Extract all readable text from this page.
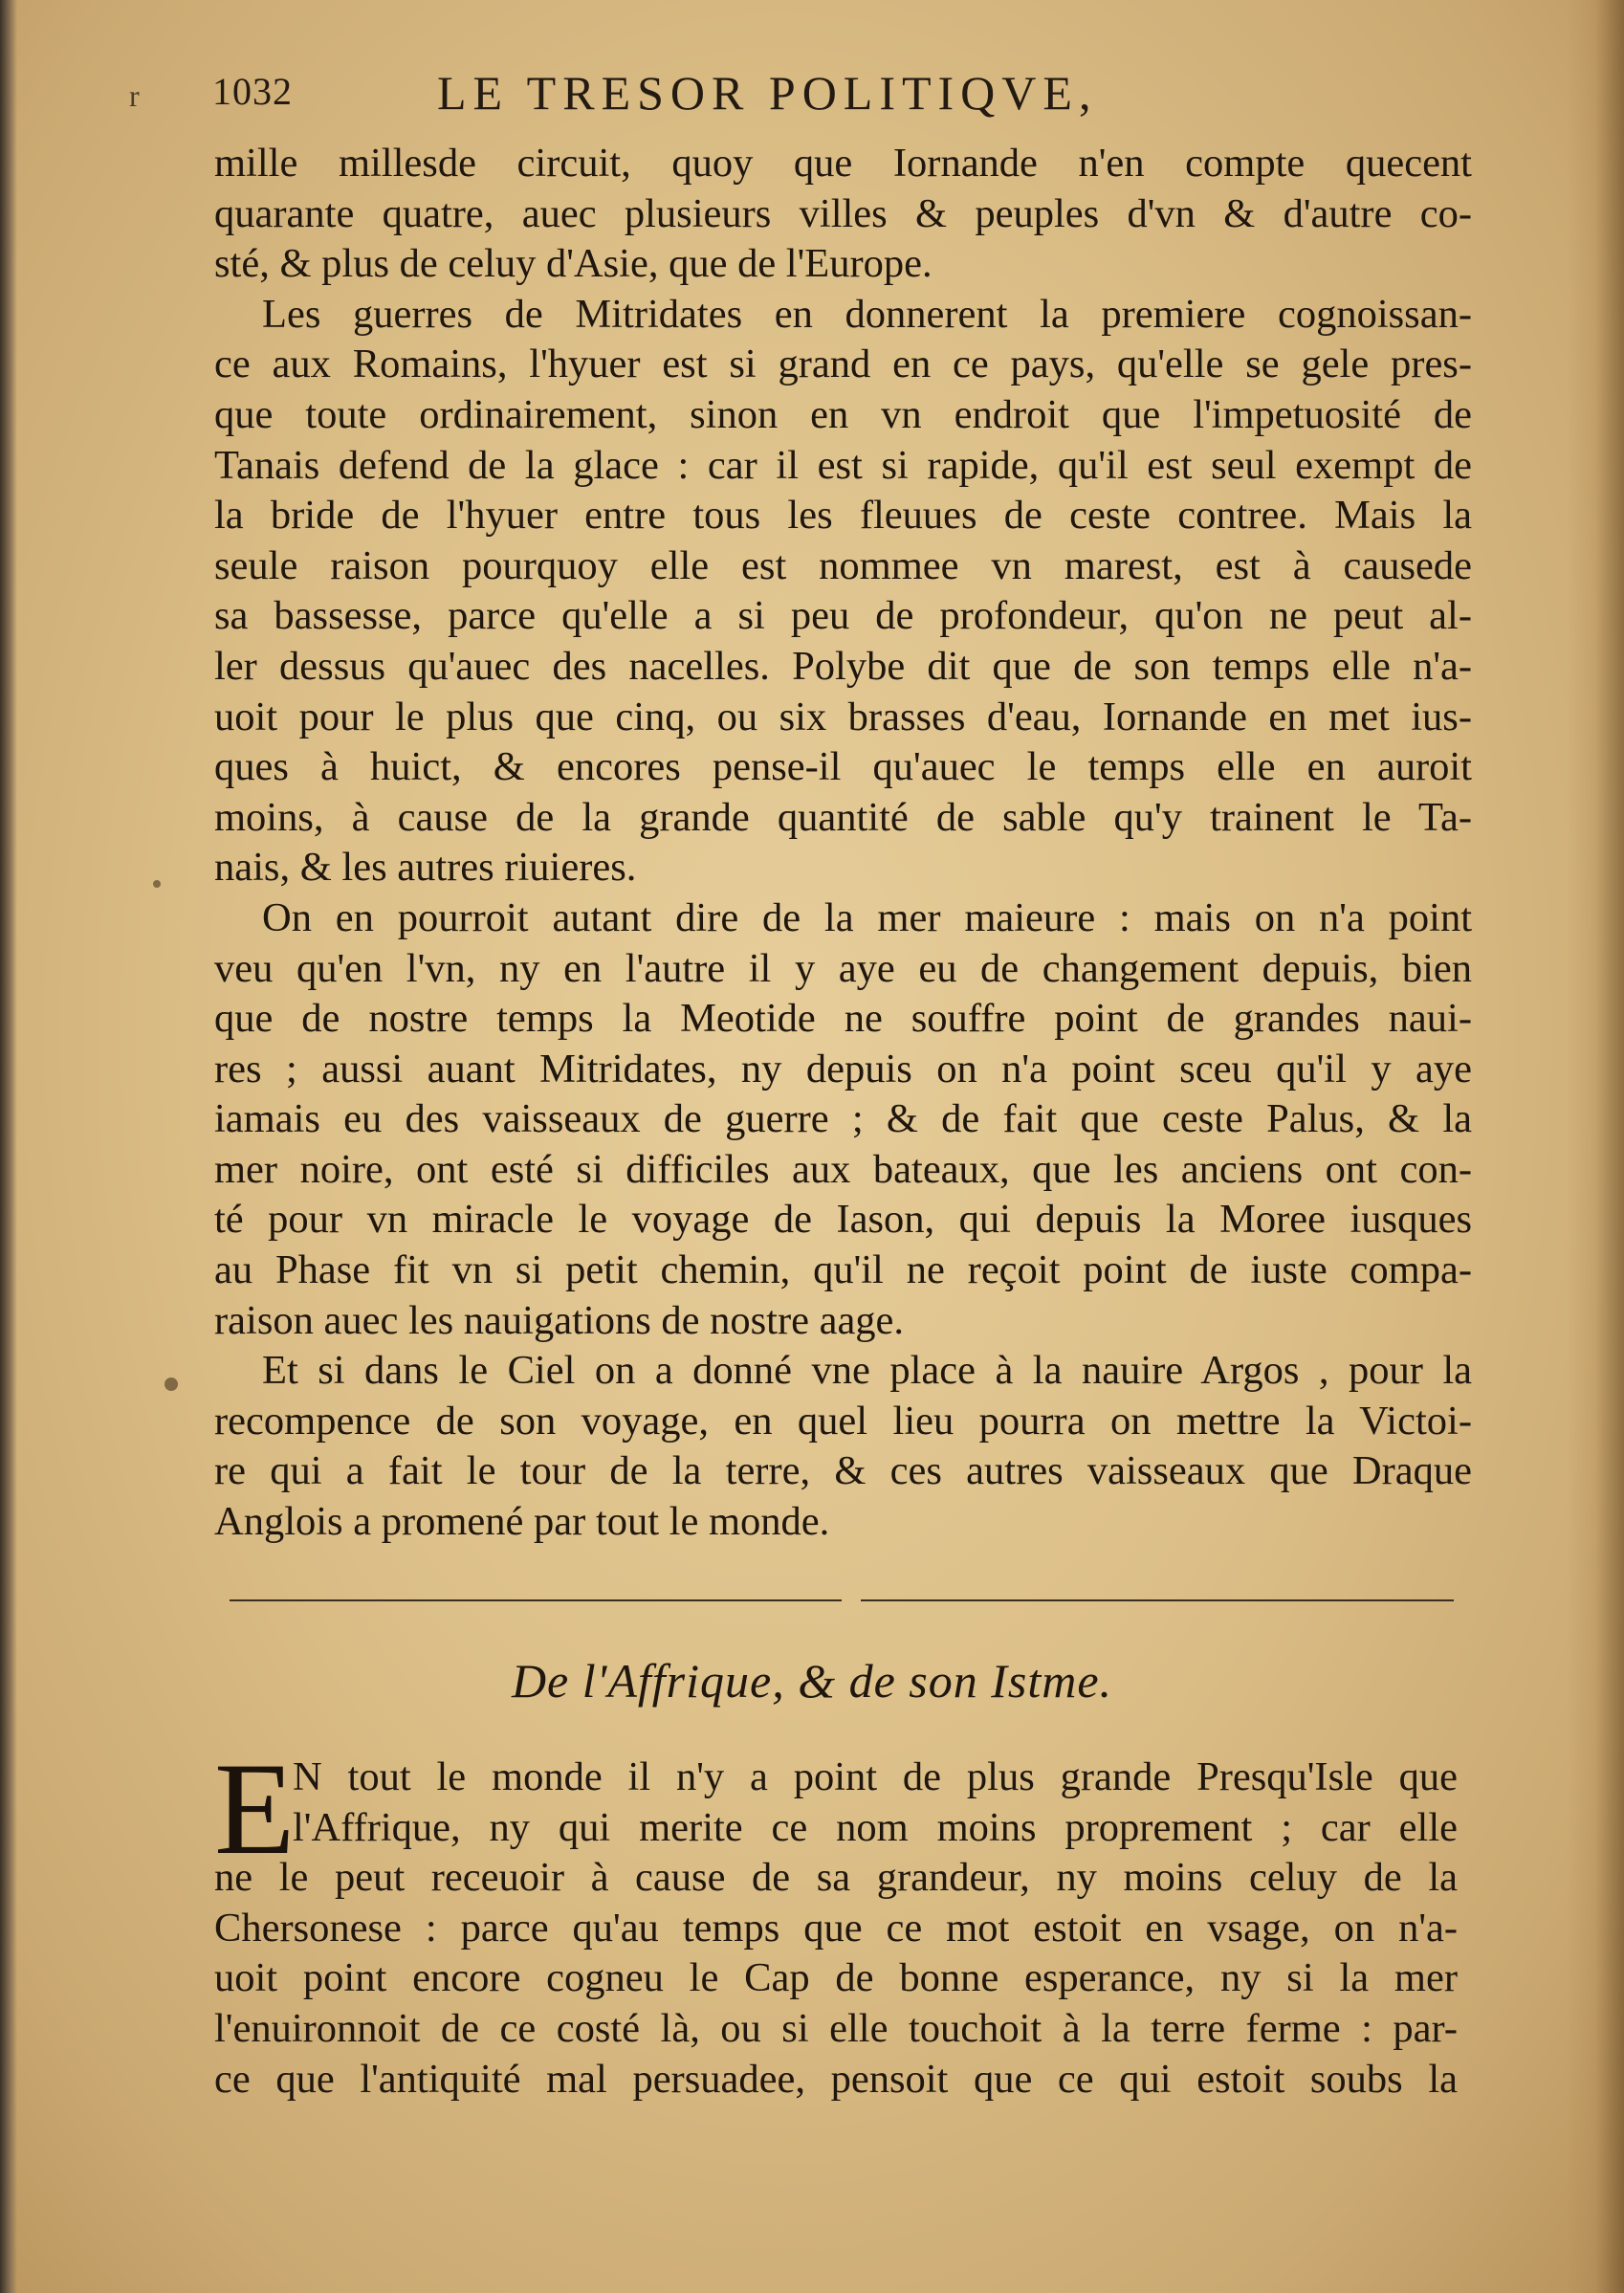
r 1032	LE TRESOR POLITIQVE,
mille millesde circuit, quoy que Iornande n'en compte quecent
quarante quatre, auec plusieurs villes & peuples d'vn & d'autre co-
sté, & plus de celuy d'Asie, que de l'Europe.
Les guerres de Mitridates en donnerent la premiere cognoissan-
ce aux Romains, l'hyuer est si grand en ce pays, qu'elle se gele pres-
que toute ordinairement, sinon en vn endroit que l'impetuosité de
Tanais defend de la glace : car il est si rapide, qu'il est seul exempt de
la bride de l'hyuer entre tous les fleuues de ceste contree. Mais la
seule raison pourquoy elle est nommee vn marest, est à causede
sa bassesse, parce qu'elle a si peu de profondeur, qu'on ne peut al-
ler dessus qu'auec des nacelles. Polybe dit que de son temps elle n'a-
uoit pour le plus que cinq, ou six brasses d'eau, Iornande en met ius-
ques à huict, & encores pense-il qu'auec le temps elle en auroit
moins, à cause de la grande quantité de sable qu'y trainent le Ta-
nais, & les autres riuieres.
On en pourroit autant dire de la mer maieure : mais on n'a point
veu qu'en l'vn, ny en l'autre il y aye eu de changement depuis, bien
que de nostre temps la Meotide ne souffre point de grandes naui-
res ; aussi auant Mitridates, ny depuis on n'a point sceu qu'il y aye
iamais eu des vaisseaux de guerre ; & de fait que ceste Palus, & la
mer noire, ont esté si difficiles aux bateaux, que les anciens ont con-
té pour vn miracle le voyage de Iason, qui depuis la Moree iusques
au Phase fit vn si petit chemin, qu'il ne reçoit point de iuste compa-
raison auec les nauigations de nostre aage.
Et si dans le Ciel on a donné vne place à la nauire Argos , pour la
recompence de son voyage, en quel lieu pourra on mettre la Victoi-
re qui a fait le tour de la terre, & ces autres vaisseaux que Draque
Anglois a promené par tout le monde.
De l'Affrique, & de son Istme.
E
N tout le monde il n'y a point de plus grande Presqu'Isle que
l'Affrique, ny qui merite ce nom moins proprement ; car elle
ne le peut receuoir à cause de sa grandeur, ny moins celuy de la
Chersonese : parce qu'au temps que ce mot estoit en vsage, on n'a-
uoit point encore cogneu le Cap de bonne esperance, ny si la mer
l'enuironnoit de ce costé là, ou si elle touchoit à la terre ferme : par-
ce que l'antiquité mal persuadee, pensoit que ce qui estoit soubs la
